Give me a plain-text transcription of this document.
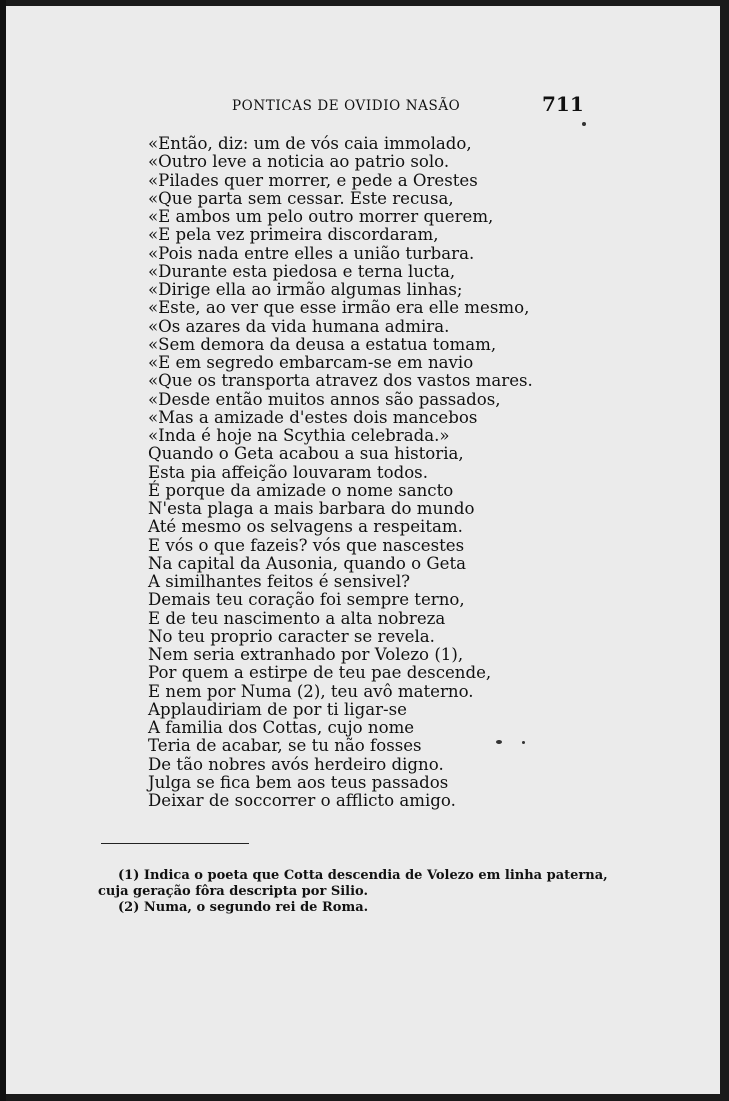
PONTICAS DE OVIDIO NASÃO	711
«Então, diz: um de vós caia immolado,
«Outro leve a noticia ao patrio solo.
«Pilades quer morrer, e pede a Orestes
«Que parta sem cessar. Este recusa,
«E ambos um pelo outro morrer querem,
«E pela vez primeira discordaram,
«Pois nada entre elles a união turbara.
«Durante esta piedosa e terna lucta,
«Dirige ella ao irmão algumas linhas;
«Este, ao ver que esse irmão era elle mesmo,
«Os azares da vida humana admira.
«Sem demora da deusa a estatua tomam,
«E em segredo embarcam-se em navio
«Que os transporta atravez dos vastos mares.
«Desde então muitos annos são passados,
«Mas a amizade d'estes dois mancebos
«Inda é hoje na Scythia celebrada.»
Quando o Geta acabou a sua historia,
Esta pia affeição louvaram todos.
É porque da amizade o nome sancto
N'esta plaga a mais barbara do mundo
Até mesmo os selvagens a respeitam.
E vós o que fazeis? vós que nascestes
Na capital da Ausonia, quando o Geta
A similhantes feitos é sensivel?
Demais teu coração foi sempre terno,
E de teu nascimento a alta nobreza
No teu proprio caracter se revela.
Nem seria extranhado por Volezo (1),
Por quem a estirpe de teu pae descende,
E nem por Numa (2), teu avô materno.
Applaudiriam de por ti ligar-se
A familia dos Cottas, cujo nome
Teria de acabar, se tu não fosses
De tão nobres avós herdeiro digno.
Julga se fica bem aos teus passados
Deixar de soccorrer o afflicto amigo.
(1) Indica o poeta que Cotta descendia de Volezo em linha paterna,
cuja geração fôra descripta por Silio.
(2) Numa, o segundo rei de Roma.
